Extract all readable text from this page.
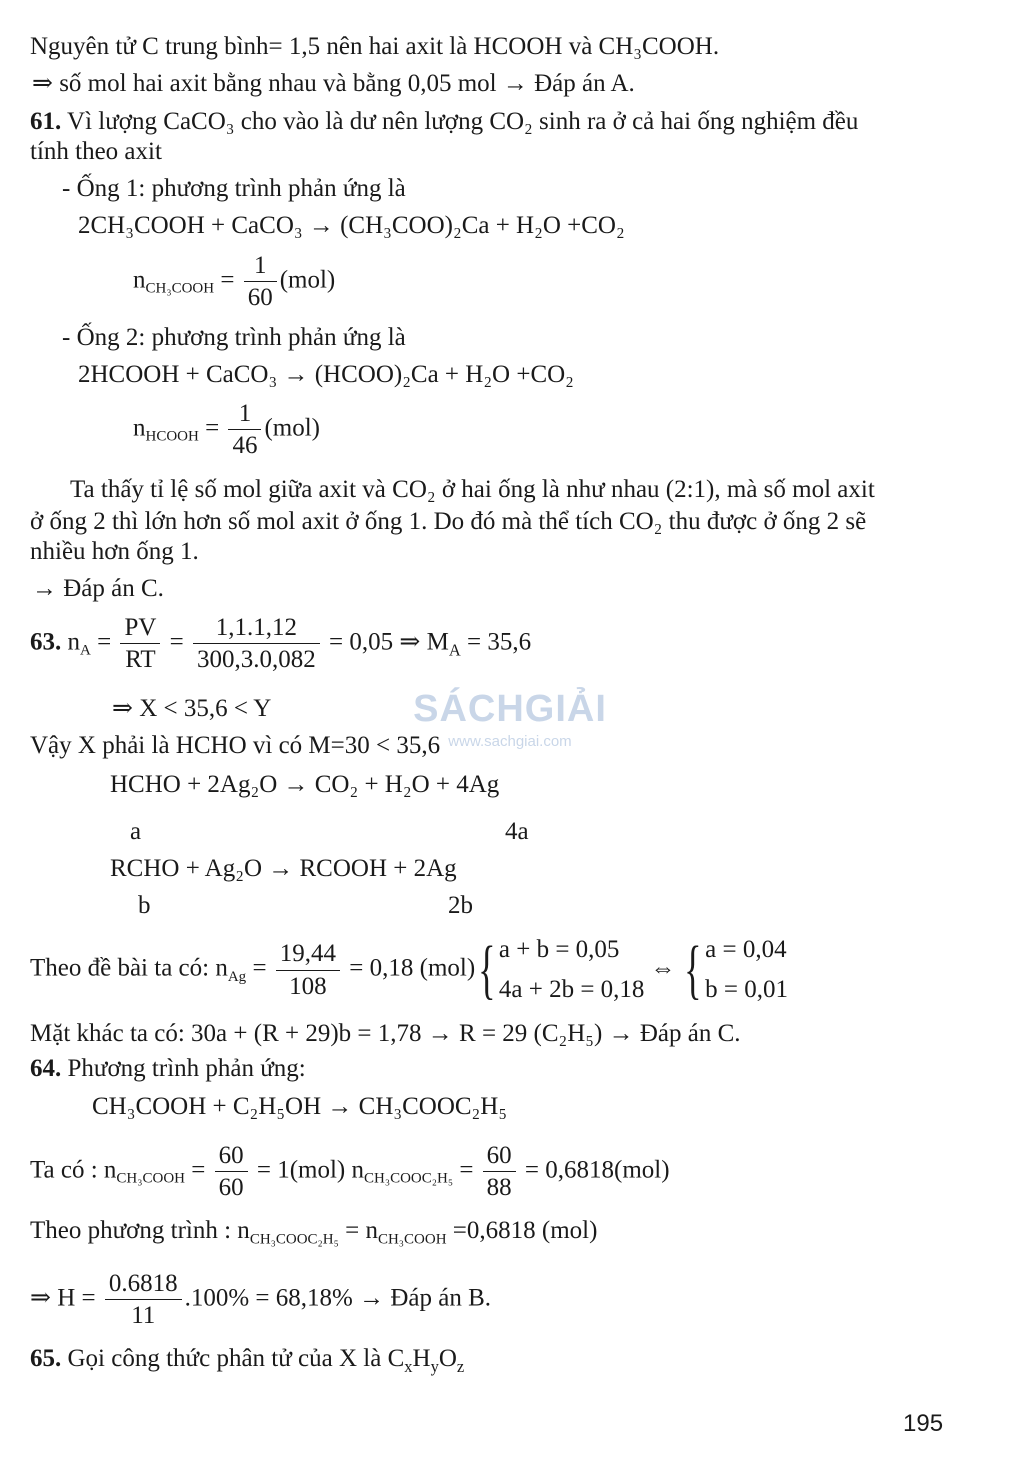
Nguyên tử C trung bình= 1,5 nên hai axit là HCOOH và CH₃COOH.
⇒ số mol hai axit bằng nhau và bằng 0,05 mol → Đáp án A.
61. Vì lượng CaCO₃ cho vào là dư nên lượng CO₂ sinh ra ở cả hai ống nghiệm đều
tính theo axit
- Ống 1: phương trình phản ứng là
2CH₃COOH + CaCO₃ → (CH₃COO)₂Ca + H₂O +CO₂
$n_{CH_3COOH} = \frac{1}{60} (mol)$
- Ống 2: phương trình phản ứng là
2HCOOH + CaCO₃ → (HCOO)₂Ca + H₂O +CO₂
$n_{HCOOH} = \frac{1}{46} (mol)$
Ta thấy tỉ lệ số mol giữa axit và CO₂ ở hai ống là như nhau (2:1), mà số mol axit
ở ống 2 thì lớn hơn số mol axit ở ống 1. Do đó mà thể tích CO₂ thu được ở ống 2 sẽ
nhiều hơn ống 1.
→ Đáp án C.
63. $n_A = \frac{PV}{RT} = \frac{1,1.1,12}{300,3.0,082} = 0,05$ ⇒ $M_A = 35,6$
⇒ X < 35,6 < Y
Vậy X phải là HCHO vì có M=30 < 35,6
HCHO + 2Ag₂O → CO₂ + H₂O + 4Ag
a	4a
RCHO + Ag₂O → RCOOH + 2Ag
b	2b
Theo đề bài ta có: $n_{Ag} = \frac{19,44}{108} = 0,18$ (mol){ a + b = 0,05
4a + 2b = 0,18
⇔ { a = 0,04
b = 0,01
Mặt khác ta có: 30a + (R + 29)b = 1,78 → R = 29 (C₂H₅) → Đáp án C.
64. Phương trình phản ứng:
CH₃COOH + C₂H₅OH → CH₃COOC₂H₅
Ta có : $n_{CH_3COOH} = \frac{60}{60} = 1(mol) n_{CH_3COOC_2H_5} = \frac{60}{88} = 0,6818(mol)$
Theo phương trình : $n_{CH_3COOC_2H_5} = n_{CH_3COOH} =0,6818$ (mol)
⇒ $H = \frac{0.6818}{11} .100\% = 68,18\%$ → Đáp án B.
65. Gọi công thức phân tử của X là $C_xH_yO_z$
SÁCHGIẢI
www.sachgiai.com
195
